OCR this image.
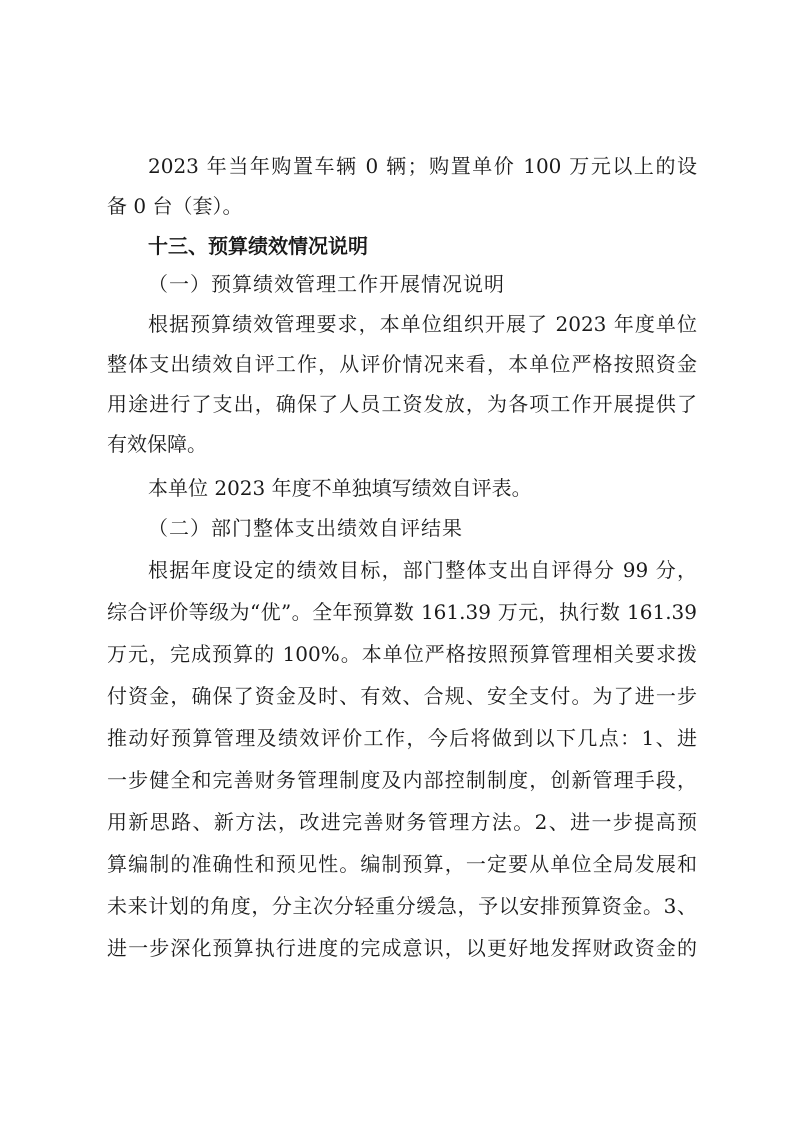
2023 年当年购置车辆 0 辆；购置单价 100 万元以上的设
备 0 台（套）。
十三、预算绩效情况说明
（一）预算绩效管理工作开展情况说明
根据预算绩效管理要求，本单位组织开展了 2023 年度单位
整体支出绩效自评工作，从评价情况来看，本单位严格按照资金
用途进行了支出，确保了人员工资发放，为各项工作开展提供了
有效保障。
本单位 2023 年度不单独填写绩效自评表。
（二）部门整体支出绩效自评结果
根据年度设定的绩效目标，部门整体支出自评得分 99 分，
综合评价等级为“优”。全年预算数 161.39 万元，执行数 161.39
万元，完成预算的 100%。本单位严格按照预算管理相关要求拨
付资金，确保了资金及时、有效、合规、安全支付。为了进一步
推动好预算管理及绩效评价工作，今后将做到以下几点：1、进
一步健全和完善财务管理制度及内部控制制度，创新管理手段，
用新思路、新方法，改进完善财务管理方法。2、进一步提高预
算编制的准确性和预见性。编制预算，一定要从单位全局发展和
未来计划的角度，分主次分轻重分缓急，予以安排预算资金。3、
进一步深化预算执行进度的完成意识，以更好地发挥财政资金的
